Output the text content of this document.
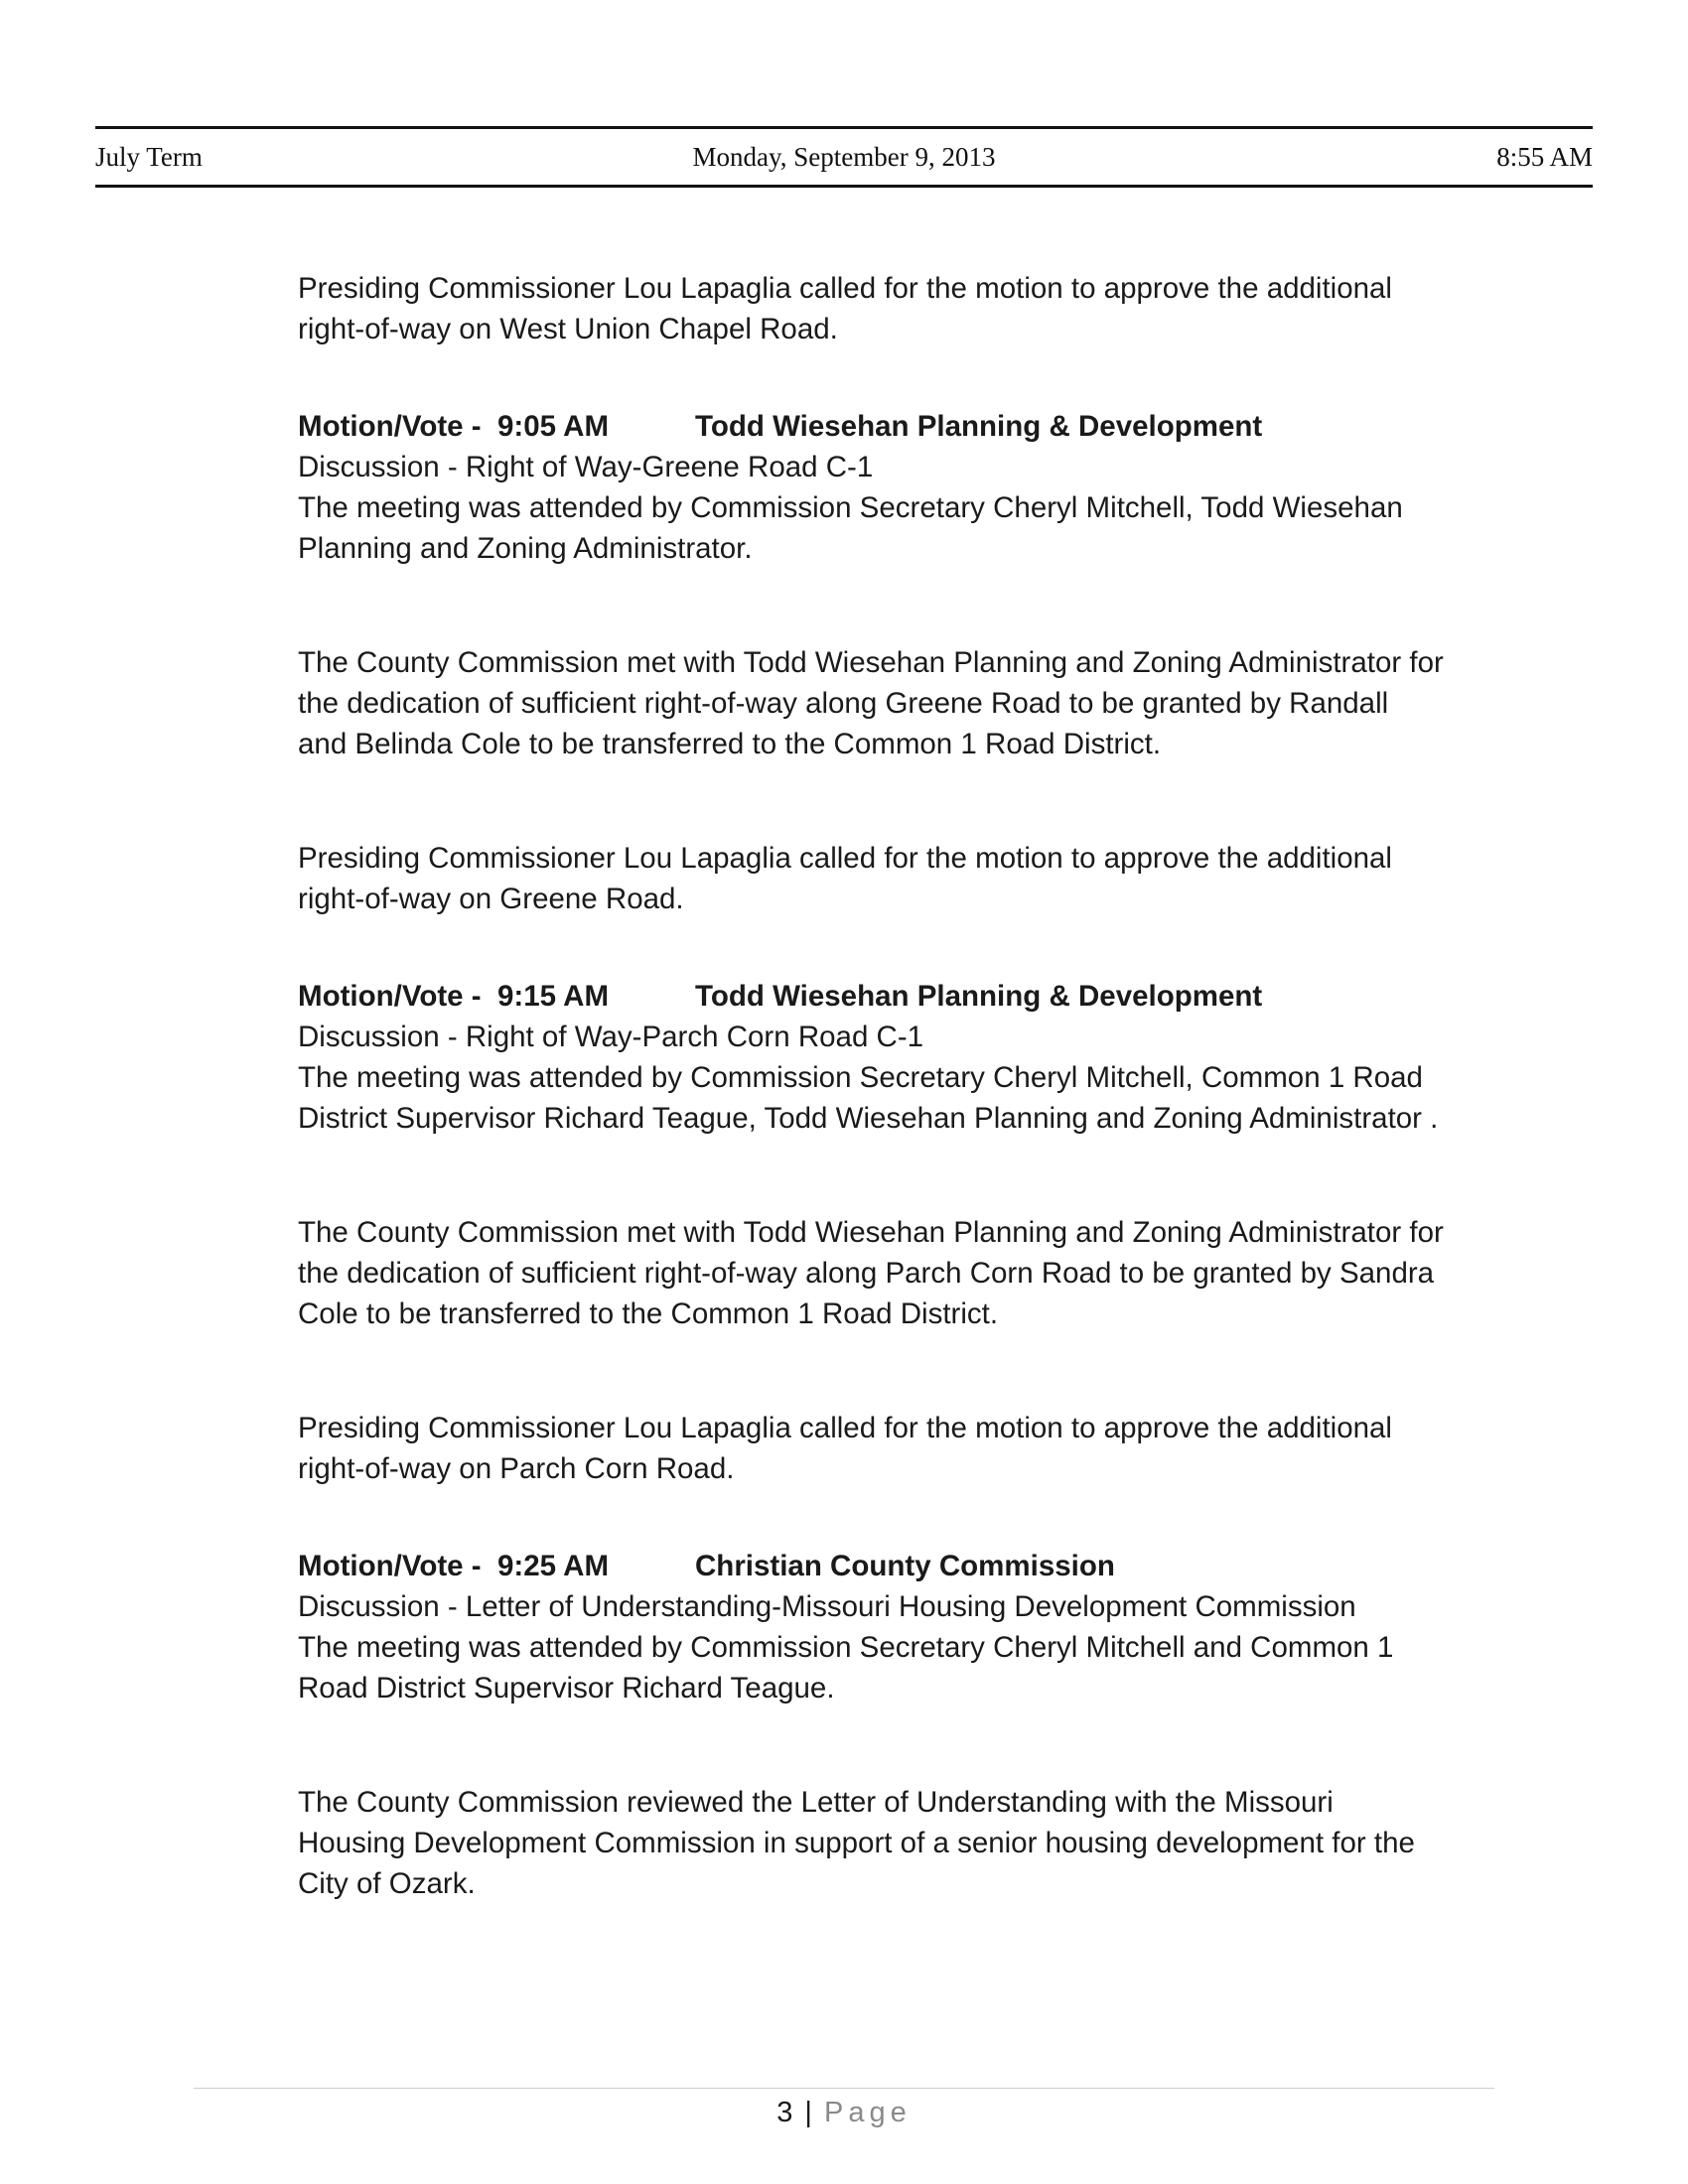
July Term	Monday, September 9, 2013	8:55 AM
Presiding Commissioner Lou Lapaglia called for the motion to approve the additional
right-of-way on West Union Chapel Road.
Motion/Vote -  9:05 AM	Todd Wiesehan Planning & Development
Discussion - Right of Way-Greene Road C-1
The meeting was attended by Commission Secretary Cheryl Mitchell, Todd Wiesehan
Planning and Zoning Administrator.
The County Commission met with Todd Wiesehan Planning and Zoning Administrator for
the dedication of sufficient right-of-way along Greene Road to be granted by Randall
and Belinda Cole to be transferred to the Common 1 Road District.
Presiding Commissioner Lou Lapaglia called for the motion to approve the additional
right-of-way on Greene Road.
Motion/Vote -  9:15 AM	Todd Wiesehan Planning & Development
Discussion - Right of Way-Parch Corn Road C-1
The meeting was attended by Commission Secretary Cheryl Mitchell, Common 1 Road
District Supervisor Richard Teague, Todd Wiesehan Planning and Zoning Administrator .
The County Commission met with Todd Wiesehan Planning and Zoning Administrator for
the dedication of sufficient right-of-way along Parch Corn Road to be granted by Sandra
Cole to be transferred to the Common 1 Road District.
Presiding Commissioner Lou Lapaglia called for the motion to approve the additional
right-of-way on Parch Corn Road.
Motion/Vote -  9:25 AM	Christian County Commission
Discussion - Letter of Understanding-Missouri Housing Development Commission
The meeting was attended by Commission Secretary Cheryl Mitchell and Common 1
Road District Supervisor Richard Teague.
The County Commission reviewed the Letter of Understanding with the Missouri
Housing Development Commission in support of a senior housing development for the
City of Ozark.
3 | Page
